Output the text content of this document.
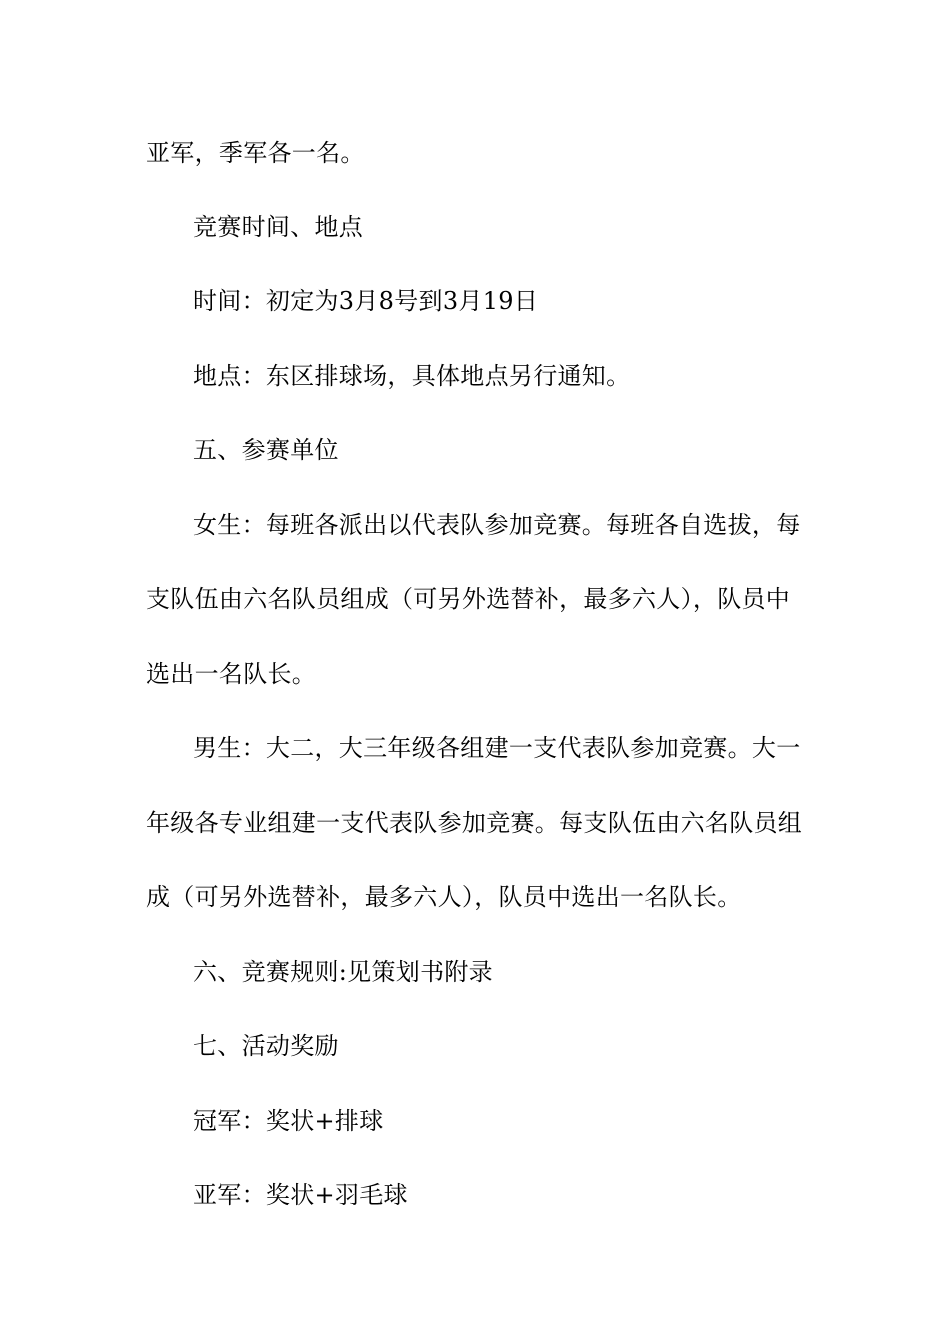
亚军，季军各一名。
竞赛时间、地点
时间：初定为3月8号到3月19日
地点：东区排球场，具体地点另行通知。
五、参赛单位
女生：每班各派出以代表队参加竞赛。每班各自选拔，每
支队伍由六名队员组成（可另外选替补，最多六人），队员中
选出一名队长。
男生：大二，大三年级各组建一支代表队参加竞赛。大一
年级各专业组建一支代表队参加竞赛。每支队伍由六名队员组
成（可另外选替补，最多六人），队员中选出一名队长。
六、竞赛规则:见策划书附录
七、活动奖励
冠军：奖状+排球
亚军：奖状+羽毛球
